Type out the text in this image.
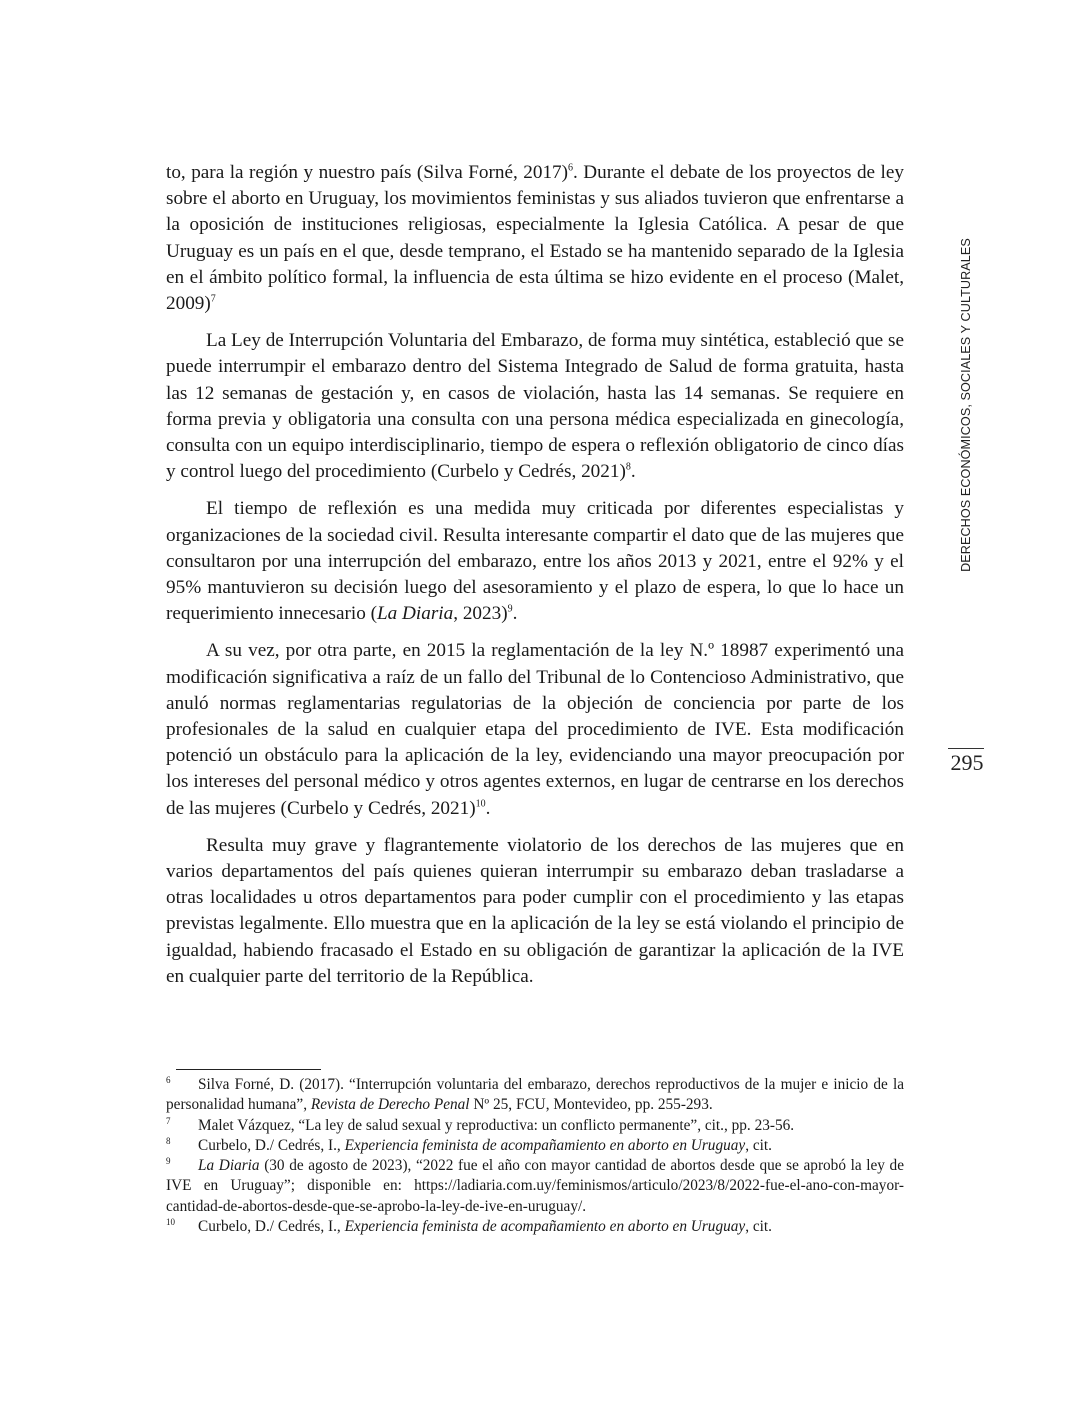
to, para la región y nuestro país (Silva Forné, 2017)$^6$. Durante el debate de los proyectos de ley sobre el aborto en Uruguay, los movimientos feministas y sus aliados tuvieron que enfrentarse a la oposición de instituciones religiosas, especialmente la Iglesia Católica. A pesar de que Uruguay es un país en el que, desde temprano, el Estado se ha mantenido separado de la Iglesia en el ámbito político formal, la influencia de esta última se hizo evidente en el proceso (Malet, 2009)$^7$

La Ley de Interrupción Voluntaria del Embarazo, de forma muy sintética, estableció que se puede interrumpir el embarazo dentro del Sistema Integrado de Salud de forma gratuita, hasta las 12 semanas de gestación y, en casos de violación, hasta las 14 semanas. Se requiere en forma previa y obligatoria una consulta con una persona médica especializada en ginecología, consulta con un equipo interdisciplinario, tiempo de espera o reflexión obligatorio de cinco días y control luego del procedimiento (Curbelo y Cedrés, 2021)$^8$.

El tiempo de reflexión es una medida muy criticada por diferentes especialistas y organizaciones de la sociedad civil. Resulta interesante compartir el dato que de las mujeres que consultaron por una interrupción del embarazo, entre los años 2013 y 2021, entre el 92% y el 95% mantuvieron su decisión luego del asesoramiento y el plazo de espera, lo que lo hace un requerimiento innecesario (La Diaria, 2023)$^9$.

A su vez, por otra parte, en 2015 la reglamentación de la ley N.º 18987 experimentó una modificación significativa a raíz de un fallo del Tribunal de lo Contencioso Administrativo, que anuló normas reglamentarias regulatorias de la objeción de conciencia por parte de los profesionales de la salud en cualquier etapa del procedimiento de IVE. Esta modificación potenció un obstáculo para la aplicación de la ley, evidenciando una mayor preocupación por los intereses del personal médico y otros agentes externos, en lugar de centrarse en los derechos de las mujeres (Curbelo y Cedrés, 2021)$^{10}$.

Resulta muy grave y flagrantemente violatorio de los derechos de las mujeres que en varios departamentos del país quienes quieran interrumpir su embarazo deban trasladarse a otras localidades u otros departamentos para poder cumplir con el procedimiento y las etapas previstas legalmente. Ello muestra que en la aplicación de la ley se está violando el principio de igualdad, habiendo fracasado el Estado en su obligación de garantizar la aplicación de la IVE en cualquier parte del territorio de la República.

DERECHOS ECONÓMICOS, SOCIALES Y CULTURALES
295

6 Silva Forné, D. (2017). “Interrupción voluntaria del embarazo, derechos reproductivos de la mujer e inicio de la personalidad humana”, Revista de Derecho Penal Nº 25, FCU, Montevideo, pp. 255-293.

7 Malet Vázquez, “La ley de salud sexual y reproductiva: un conflicto permanente”, cit., pp. 23-56.

8 Curbelo, D./ Cedrés, I., Experiencia feminista de acompañamiento en aborto en Uruguay, cit.

9 La Diaria (30 de agosto de 2023), “2022 fue el año con mayor cantidad de abortos desde que se aprobó la ley de IVE en Uruguay”; disponible en: https://ladiaria.com.uy/feminismos/articulo/2023/8/2022-fue-el-ano-con-mayor-cantidad-de-abortos-desde-que-se-aprobo-la-ley-de-ive-en-uruguay/.

10 Curbelo, D./ Cedrés, I., Experiencia feminista de acompañamiento en aborto en Uruguay, cit.
